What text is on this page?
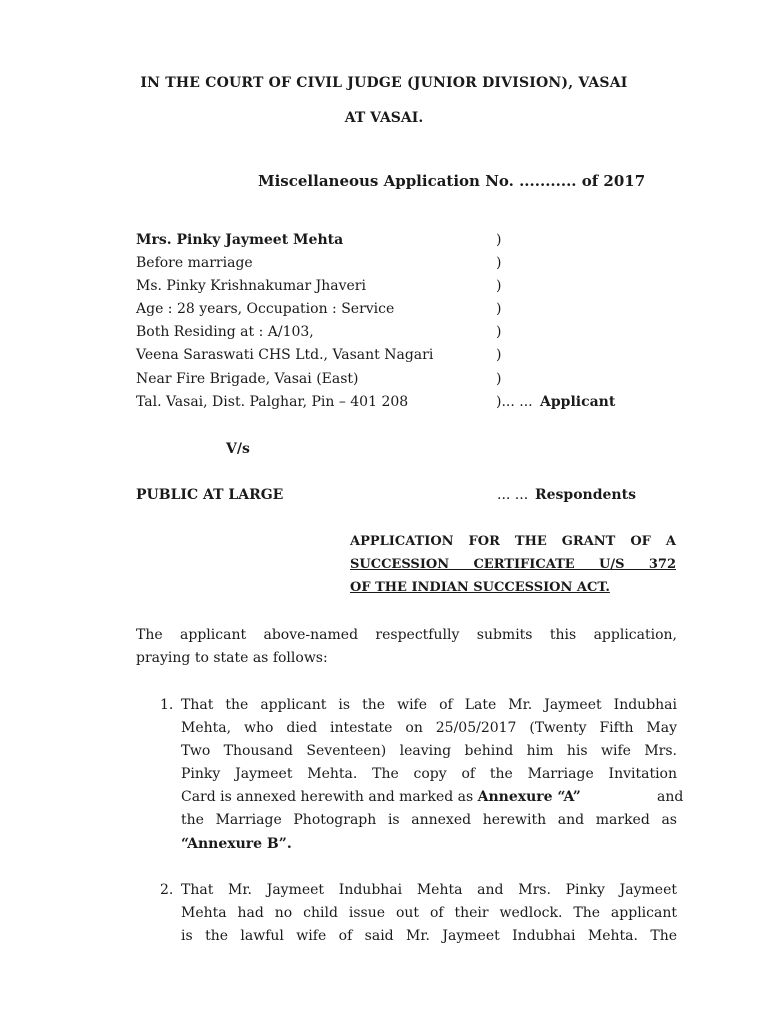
IN THE COURT OF CIVIL JUDGE (JUNIOR DIVISION), VASAI
AT VASAI.
Miscellaneous Application No. ........... of 2017
Mrs. Pinky Jaymeet Mehta
Before marriage
Ms. Pinky Krishnakumar Jhaveri
Age : 28 years, Occupation : Service
Both Residing at : A/103,
Veena Saraswati CHS Ltd., Vasant Nagari
Near Fire Brigade, Vasai (East)
Tal. Vasai, Dist. Palghar, Pin – 401 208
)
)
)
)
)
)
)
)... ... Applicant
V/s
PUBLIC AT LARGE	... ... Respondents
APPLICATION FOR THE GRANT OF A
SUCCESSION CERTIFICATE U/S 372
OF THE INDIAN SUCCESSION ACT.
The applicant above-named respectfully submits this application,
praying to state as follows:
1. That the applicant is the wife of Late Mr. Jaymeet Indubhai
Mehta, who died intestate on 25/05/2017 (Twenty Fifth May
Two Thousand Seventeen) leaving behind him his wife Mrs.
Pinky Jaymeet Mehta. The copy of the Marriage Invitation
Card is annexed herewith and marked as Annexure “A”	and
the Marriage Photograph is annexed herewith and marked as
“Annexure B”.
2. That Mr. Jaymeet Indubhai Mehta and Mrs. Pinky Jaymeet
Mehta had no child issue out of their wedlock. The applicant
is the lawful wife of said Mr. Jaymeet Indubhai Mehta. The
